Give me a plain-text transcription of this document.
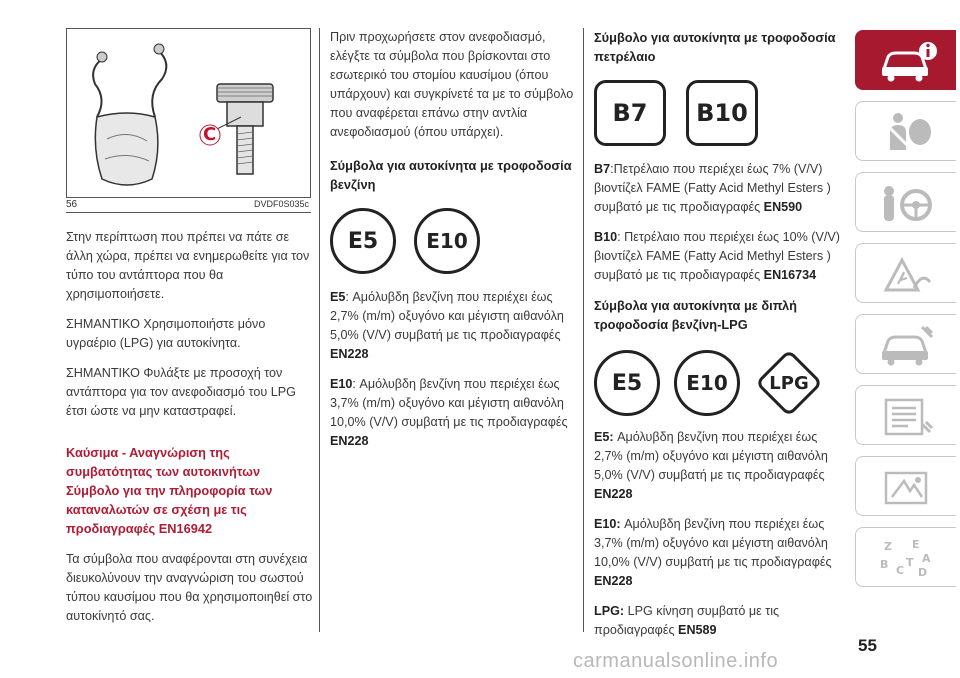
C
56	DVDF0S035c

Στην περίπτωση που πρέπει να πάτε σε άλλη χώρα, πρέπει να ενημερωθείτε για τον τύπο του αντάπτορα που θα χρησιμοποιήσετε.

ΣΗΜΑΝΤΙΚΟ Χρησιμοποιήστε μόνο υγραέριο (LPG) για αυτοκίνητα.

ΣΗΜΑΝΤΙΚΟ Φυλάξτε με προσοχή τον αντάπτορα για τον ανεφοδιασμό του LPG έτσι ώστε να μην καταστραφεί.

Καύσιμα - Αναγνώριση της συμβατότητας των αυτοκινήτων Σύμβολο για την πληροφορία των καταναλωτών σε σχέση με τις προδιαγραφές EN16942

Τα σύμβολα που αναφέρονται στη συνέχεια διευκολύνουν την αναγνώριση του σωστού τύπου καυσίμου που θα χρησιμοποιηθεί στο αυτοκίνητό σας.

Πριν προχωρήσετε στον ανεφοδιασμό, ελέγξτε τα σύμβολα που βρίσκονται στο εσωτερικό του στομίου καυσίμου (όπου υπάρχουν) και συγκρίνετέ τα με το σύμβολο που αναφέρεται επάνω στην αντλία ανεφοδιασμού (όπου υπάρχει).

Σύμβολα για αυτοκίνητα με τροφοδοσία βενζίνη
E5	E10

E5: Αμόλυβδη βενζίνη που περιέχει έως 2,7% (m/m) οξυγόνο και μέγιστη αιθανόλη 5,0% (V/V) συμβατή με τις προδιαγραφές EN228

E10: Αμόλυβδη βενζίνη που περιέχει έως 3,7% (m/m) οξυγόνο και μέγιστη αιθανόλη 10,0% (V/V) συμβατή με τις προδιαγραφές EN228

Σύμβολο για αυτοκίνητα με τροφοδοσία πετρέλαιο
B7	B10

B7:Πετρέλαιο που περιέχει έως 7% (V/V) βιοντίζελ FAME (Fatty Acid Methyl Esters ) συμβατό με τις προδιαγραφές EN590

B10: Πετρέλαιο που περιέχει έως 10% (V/V) βιοντίζελ FAME (Fatty Acid Methyl Esters ) συμβατό με τις προδιαγραφές EN16734

Σύμβολα για αυτοκίνητα με διπλή τροφοδοσία βενζίνη-LPG
E5	E10	LPG

E5: Αμόλυβδη βενζίνη που περιέχει έως 2,7% (m/m) οξυγόνο και μέγιστη αιθανόλη 5,0% (V/V) συμβατή με τις προδιαγραφές EN228

E10: Αμόλυβδη βενζίνη που περιέχει έως 3,7% (m/m) οξυγόνο και μέγιστη αιθανόλη 10,0% (V/V) συμβατή με τις προδιαγραφές EN228

LPG: LPG κίνηση συμβατό με τις προδιαγραφές EN589

Z E
B C
T
D
A
55
carmanualsonline.info
